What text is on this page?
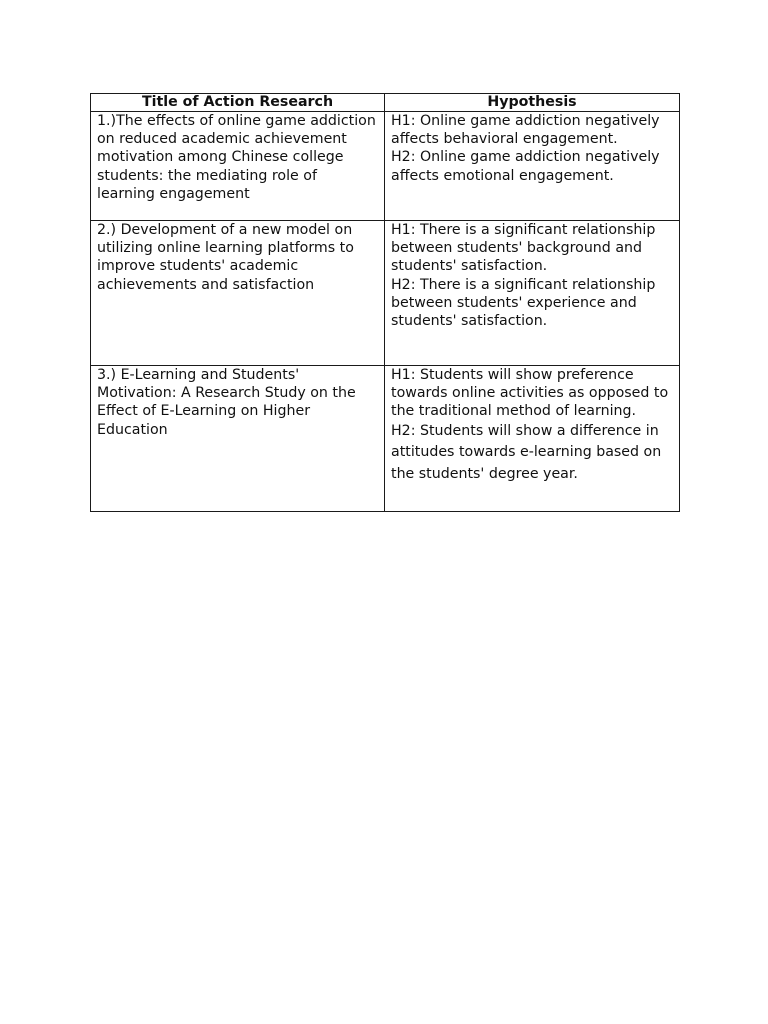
Title of Action Research	Hypothesis

1.)The effects of online game addiction on reduced academic achievement motivation among Chinese college students: the mediating role of learning engagement	H1: Online game addiction negatively affects behavioral engagement.
H2: Online game addiction negatively affects emotional engagement.

2.) Development of a new model on utilizing online learning platforms to improve students' academic achievements and satisfaction	H1: There is a significant relationship between students' background and students' satisfaction.
H2: There is a significant relationship between students' experience and students' satisfaction.

3.) E-Learning and Students' Motivation: A Research Study on the Effect of E-Learning on Higher Education	H1: Students will show preference towards online activities as opposed to the traditional method of learning.
H2: Students will show a difference in attitudes towards e-learning based on the students' degree year.
